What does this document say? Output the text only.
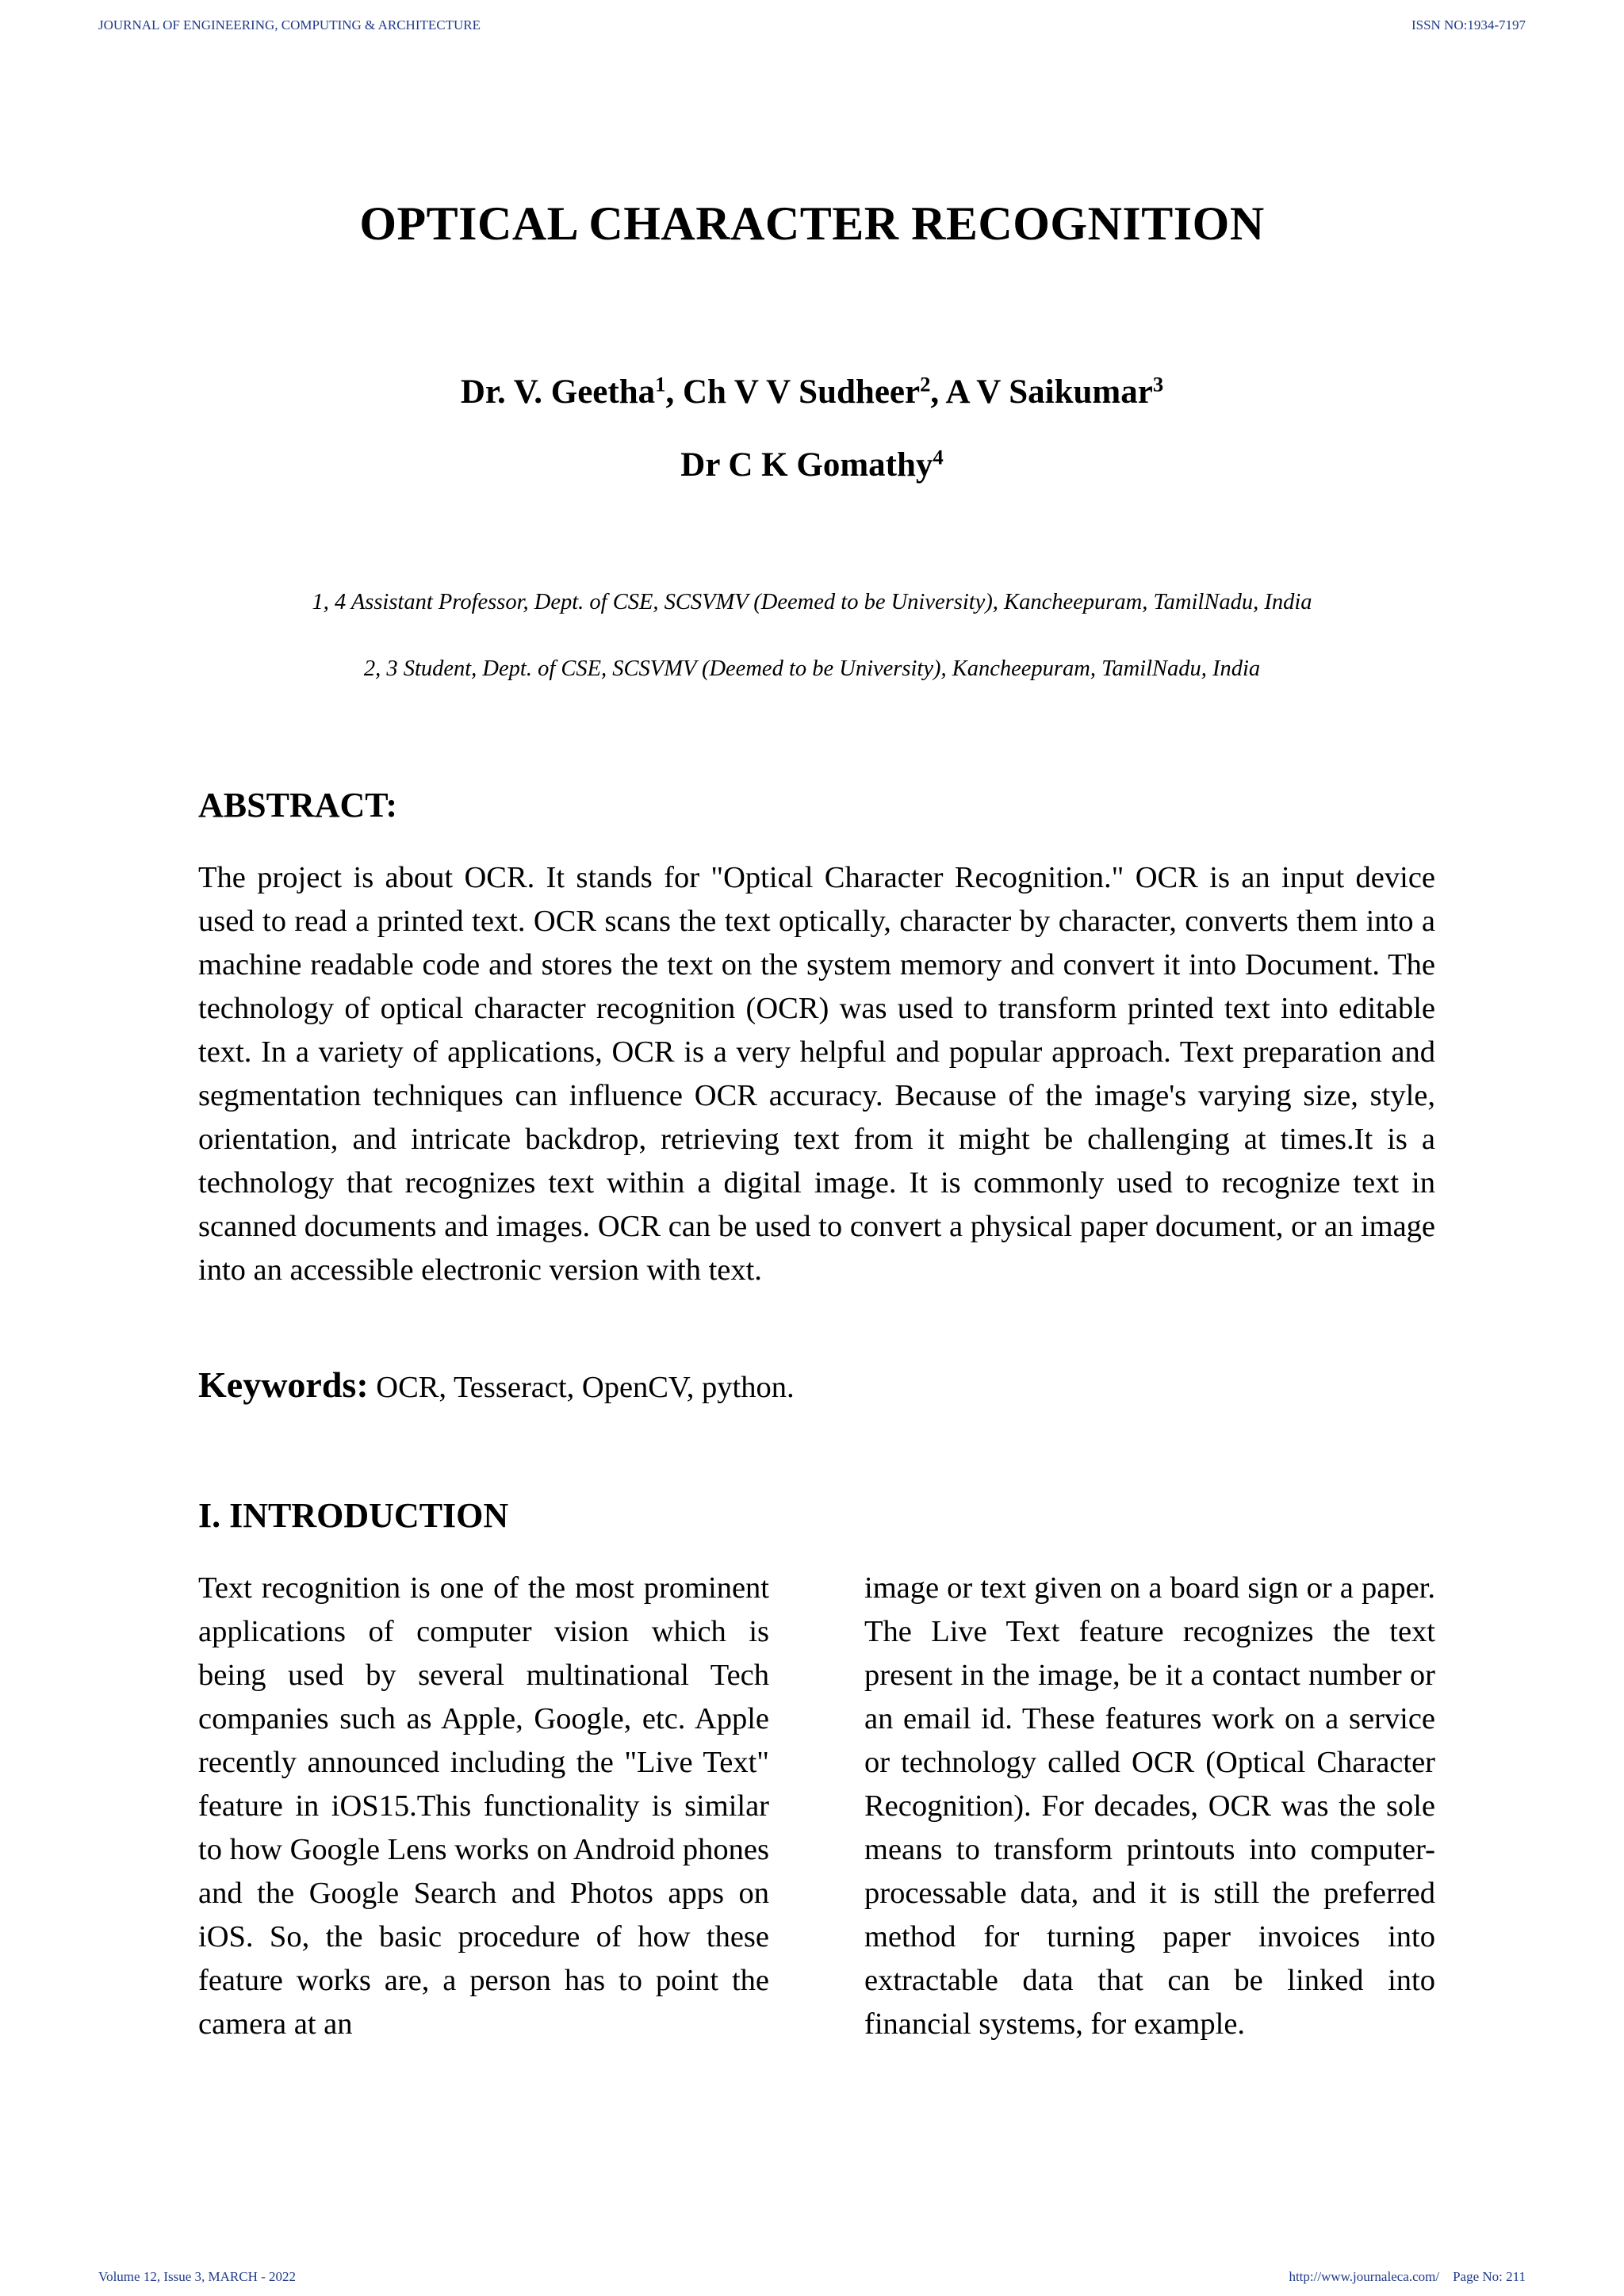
JOURNAL OF ENGINEERING, COMPUTING & ARCHITECTURE	ISSN NO:1934-7197
OPTICAL CHARACTER RECOGNITION
Dr. V. Geetha$^1$, Ch V V Sudheer$^2$, A V Saikumar$^3$
Dr C K Gomathy$^4$
1, 4 Assistant Professor, Dept. of CSE, SCSVMV (Deemed to be University), Kancheepuram, TamilNadu, India
2, 3 Student, Dept. of CSE, SCSVMV (Deemed to be University), Kancheepuram, TamilNadu, India
ABSTRACT:

The project is about OCR. It stands for "Optical Character Recognition." OCR is an input device used to read a printed text. OCR scans the text optically, character by character, converts them into a machine readable code and stores the text on the system memory and convert it into Document. The technology of optical character recognition (OCR) was used to transform printed text into editable text. In a variety of applications, OCR is a very helpful and popular approach. Text preparation and segmentation techniques can influence OCR accuracy. Because of the image's varying size, style, orientation, and intricate backdrop, retrieving text from it might be challenging at times.It is a technology that recognizes text within a digital image. It is commonly used to recognize text in scanned documents and images. OCR can be used to convert a physical paper document, or an image into an accessible electronic version with text.

Keywords: OCR, Tesseract, OpenCV, python.
I. INTRODUCTION

Text recognition is one of the most prominent applications of computer vision which is being used by several multinational Tech companies such as Apple, Google, etc. Apple recently announced including the "Live Text" feature in iOS15.This functionality is similar to how Google Lens works on Android phones and the Google Search and Photos apps on iOS. So, the basic procedure of how these feature works are, a person has to point the camera at an

image or text given on a board sign or a paper. The Live Text feature recognizes the text present in the image, be it a contact number or an email id. These features work on a service or technology called OCR (Optical Character Recognition). For decades, OCR was the sole means to transform printouts into computer-processable data, and it is still the preferred method for turning paper invoices into extractable data that can be linked into financial systems, for example.

Volume 12, Issue 3, MARCH - 2022	http://www.journaleca.com/    Page No: 211
